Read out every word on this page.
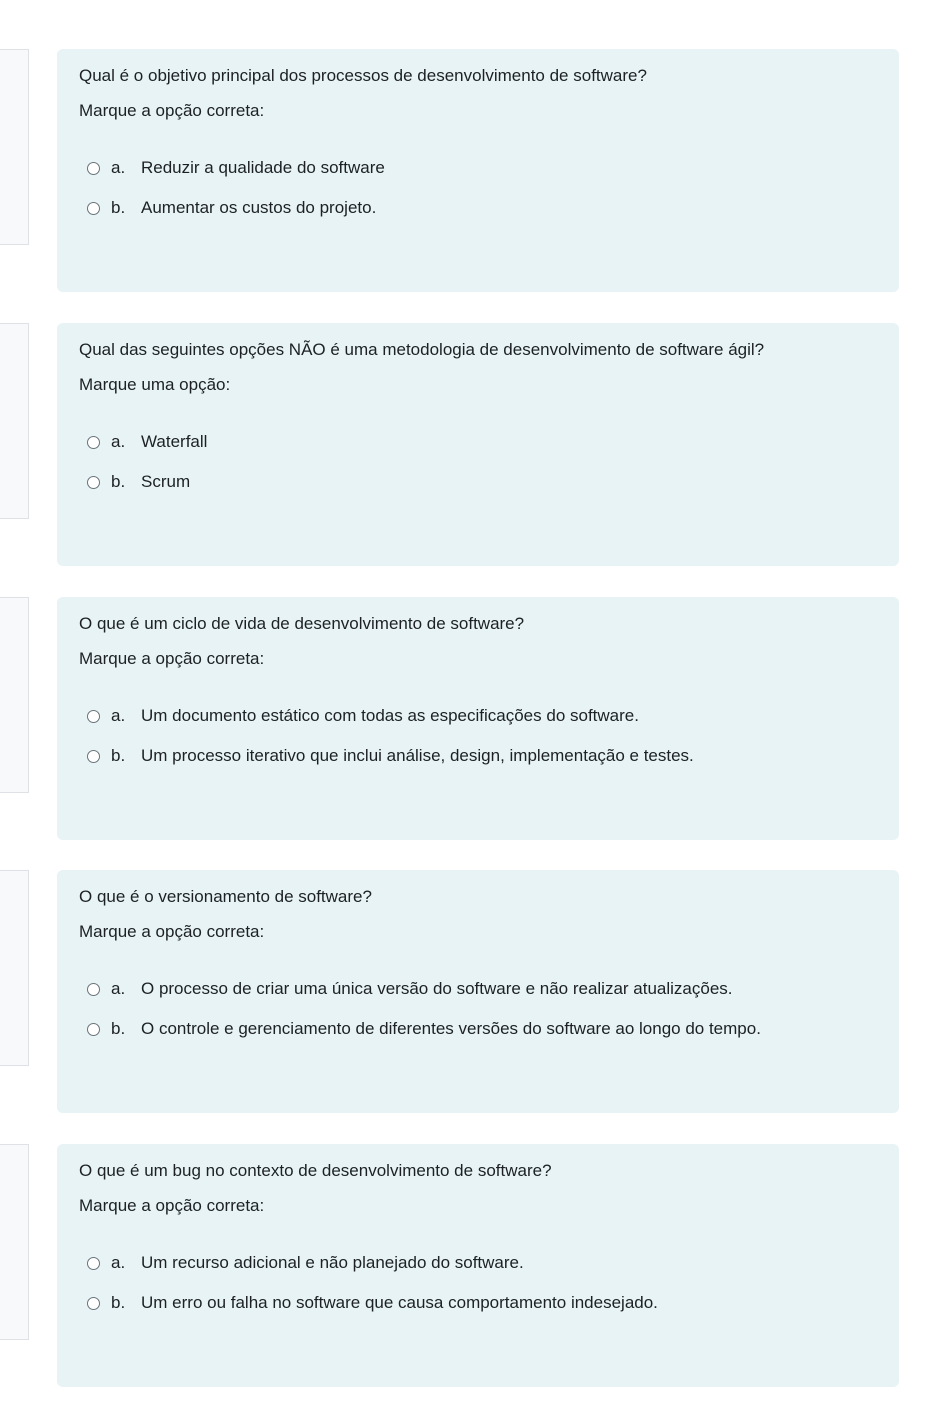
Qual é o objetivo principal dos processos de desenvolvimento de software?
Marque a opção correta:
a. Reduzir a qualidade do software
b. Aumentar os custos do projeto.
Qual das seguintes opções NÃO é uma metodologia de desenvolvimento de software ágil?
Marque uma opção:
a. Waterfall
b. Scrum
O que é um ciclo de vida de desenvolvimento de software?
Marque a opção correta:
a. Um documento estático com todas as especificações do software.
b. Um processo iterativo que inclui análise, design, implementação e testes.
O que é o versionamento de software?
Marque a opção correta:
a. O processo de criar uma única versão do software e não realizar atualizações.
b. O controle e gerenciamento de diferentes versões do software ao longo do tempo.
O que é um bug no contexto de desenvolvimento de software?
Marque a opção correta:
a. Um recurso adicional e não planejado do software.
b. Um erro ou falha no software que causa comportamento indesejado.
